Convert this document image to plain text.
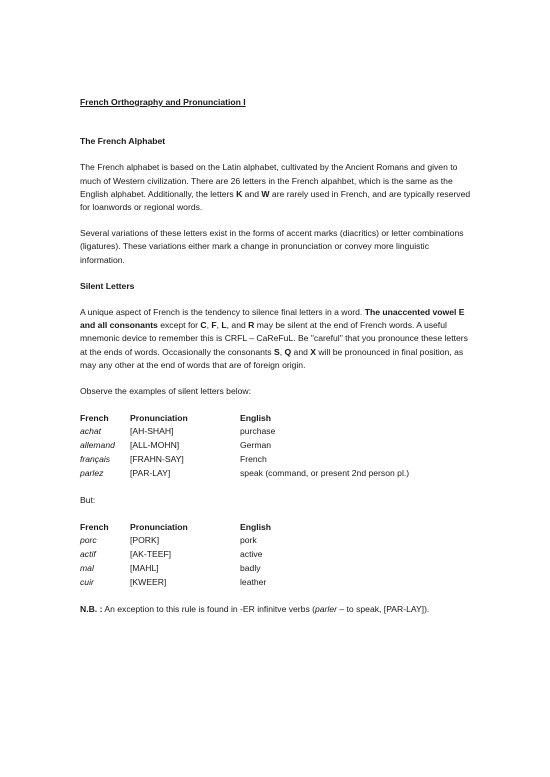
French Orthography and Pronunciation I

The French Alphabet

The French alphabet is based on the Latin alphabet, cultivated by the Ancient Romans and given to much of Western civilization. There are 26 letters in the French alpahbet, which is the same as the English alphabet. Additionally, the letters K and W are rarely used in French, and are typically reserved for loanwords or regional words.

Several variations of these letters exist in the forms of accent marks (diacritics) or letter combinations (ligatures). These variations either mark a change in pronunciation or convey more linguistic information.

Silent Letters

A unique aspect of French is the tendency to silence final letters in a word. The unaccented vowel E and all consonants except for C, F, L, and R may be silent at the end of French words. A useful mnemonic device to remember this is CRFL – CaReFuL. Be "careful" that you pronounce these letters at the ends of words. Occasionally the consonants S, Q and X will be pronounced in final position, as may any other at the end of words that are of foreign origin.

Observe the examples of silent letters below:

French	Pronunciation	English
achat	[AH-SHAH]	purchase
allemand	[ALL-MOHN]	German
français	[FRAHN-SAY]	French
parlez	[PAR-LAY]	speak (command, or present 2nd person pl.)

But:

French	Pronunciation	English
porc	[PORK]	pork
actif	[AK-TEEF]	active
mal	[MAHL]	badly
cuir	[KWEER]	leather

N.B. : An exception to this rule is found in -ER infinitve verbs (parler – to speak, [PAR-LAY]).
